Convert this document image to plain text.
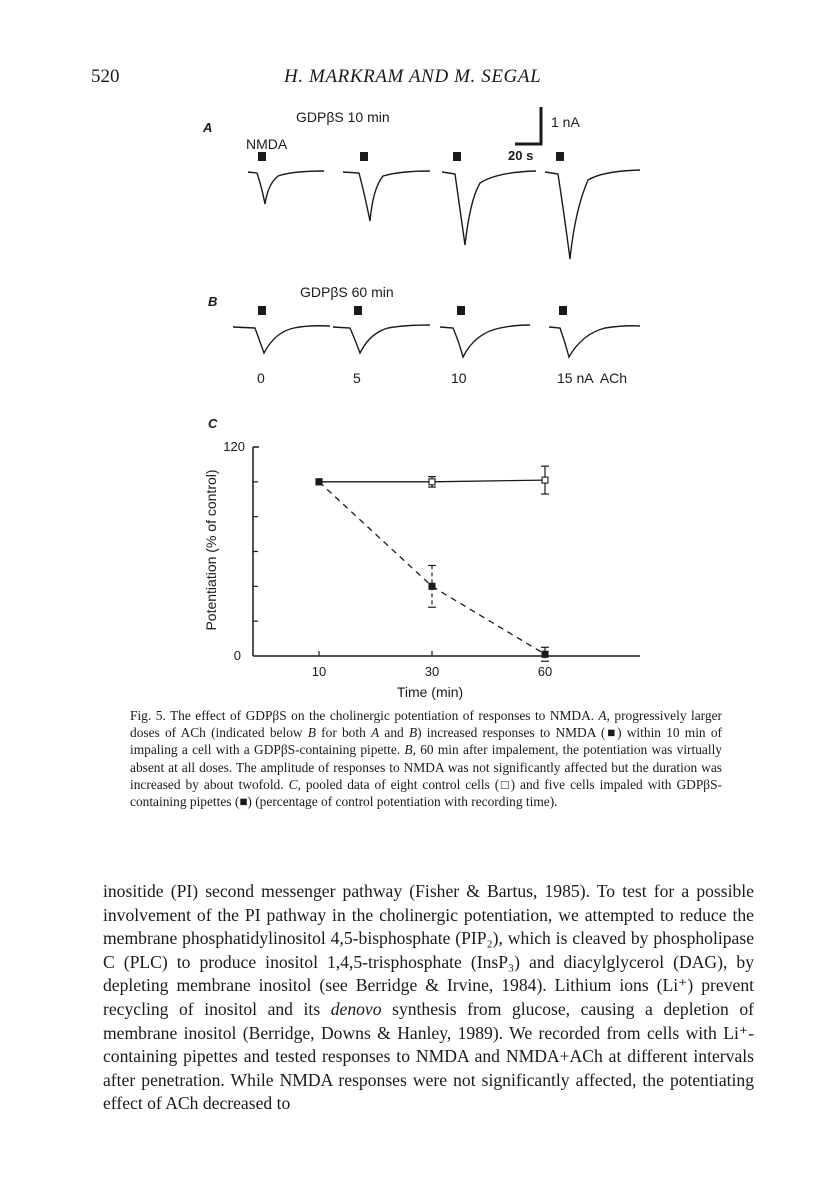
520	H. MARKRAM AND M. SEGAL
A
GDPβS 10 min
NMDA
1 nA
20 s
B
GDPβS 60 min
0	5	10	15 nA  ACh
C
10	30	60
0
120
Time (min)
Potentiation (% of control)
Fig. 5. The effect of GDPβS on the cholinergic potentiation of responses to NMDA. A, progressively larger doses of ACh (indicated below B for both A and B) increased responses to NMDA (■) within 10 min of impaling a cell with a GDPβS-containing pipette. B, 60 min after impalement, the potentiation was virtually absent at all doses. The amplitude of responses to NMDA was not significantly affected but the duration was increased by about twofold. C, pooled data of eight control cells (□) and five cells impaled with GDPβS-containing pipettes (■) (percentage of control potentiation with recording time).
inositide (PI) second messenger pathway (Fisher & Bartus, 1985). To test for a possible involvement of the PI pathway in the cholinergic potentiation, we attempted to reduce the membrane phosphatidylinositol 4,5-bisphosphate (PIP₂), which is cleaved by phospholipase C (PLC) to produce inositol 1,4,5-trisphosphate (InsP₃) and diacylglycerol (DAG), by depleting membrane inositol (see Berridge & Irvine, 1984). Lithium ions (Li⁺) prevent recycling of inositol and its denovo synthesis from glucose, causing a depletion of membrane inositol (Berridge, Downs & Hanley, 1989). We recorded from cells with Li⁺-containing pipettes and tested responses to NMDA and NMDA+ACh at different intervals after penetration. While NMDA responses were not significantly affected, the potentiating effect of ACh decreased to
